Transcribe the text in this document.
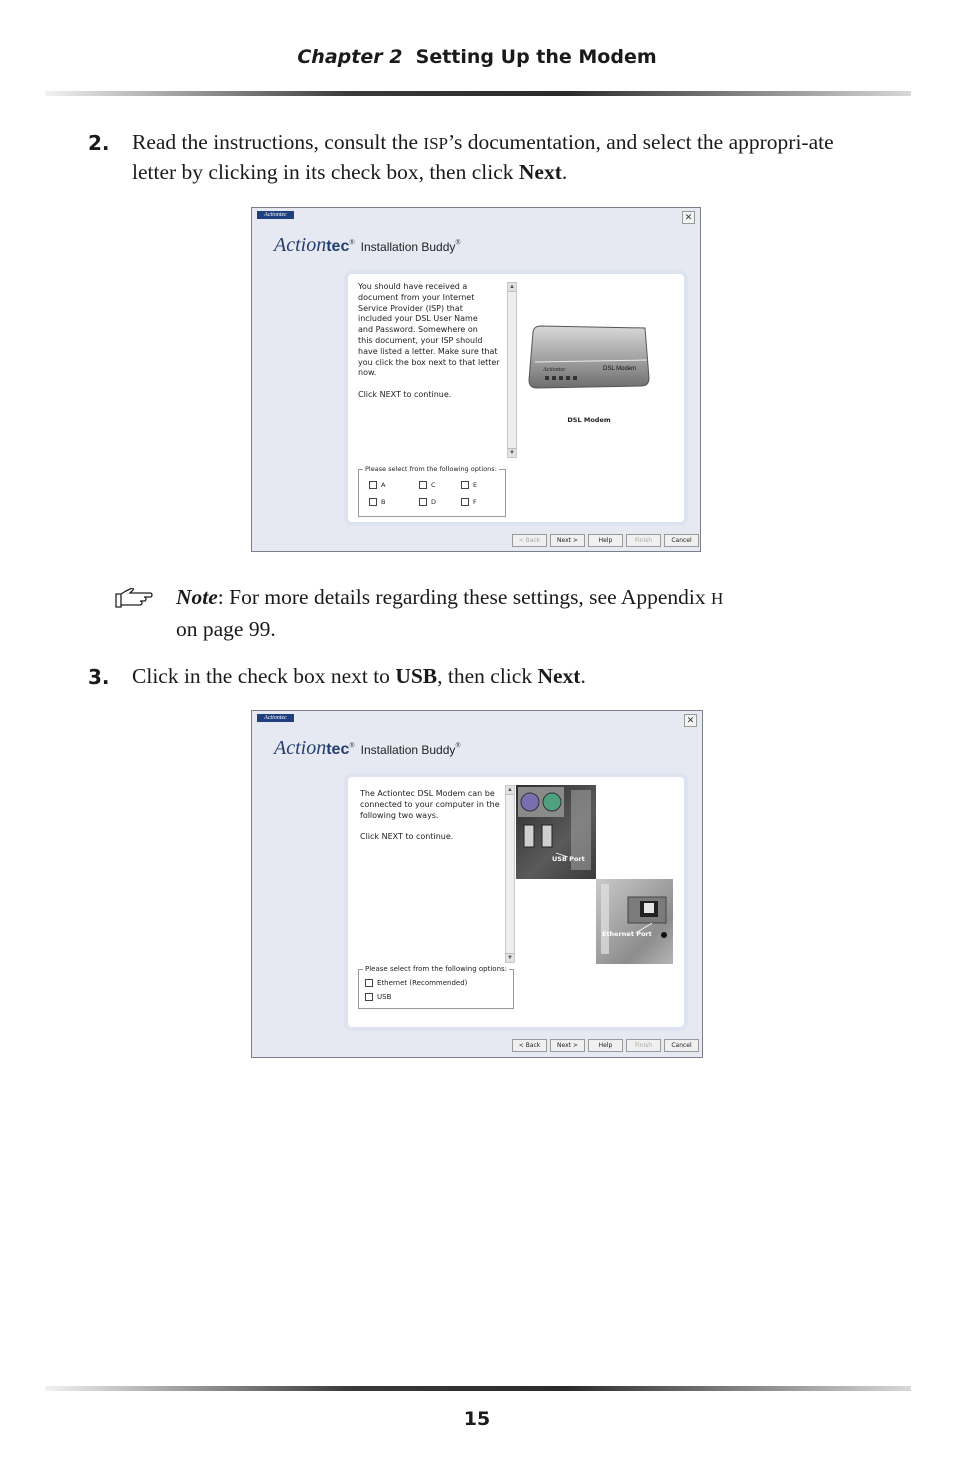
Chapter 2 Setting Up the Modem
2. Read the instructions, consult the ISP’s documentation, and select the appropri-ate letter by clicking in its check box, then click Next.
Actiontec	✕
Actiontec® Installation Buddy®
You should have received a
document from your Internet
Service Provider (ISP) that
included your DSL User Name
and Password. Somewhere on
this document, your ISP should
have listed a letter. Make sure that
you click the box next to that letter
now.

Click NEXT to continue.
▲
▼
Actiontec	DSL Modem
DSL Modem
Please select from the following options:
A	C	E
B	D	F
< Back	Next >	Help	Finish	Cancel
Note: For more details regarding these settings, see Appendix H
on page 99.
3. Click in the check box next to USB, then click Next.
Actiontec	✕
Actiontec® Installation Buddy®
The Actiontec DSL Modem can be
connected to your computer in the
following two ways.

Click NEXT to continue.
▲
▼
USB Port
Ethernet Port
Please select from the following options:
Ethernet (Recommended)
USB
< Back	Next >	Help	Finish	Cancel
15
